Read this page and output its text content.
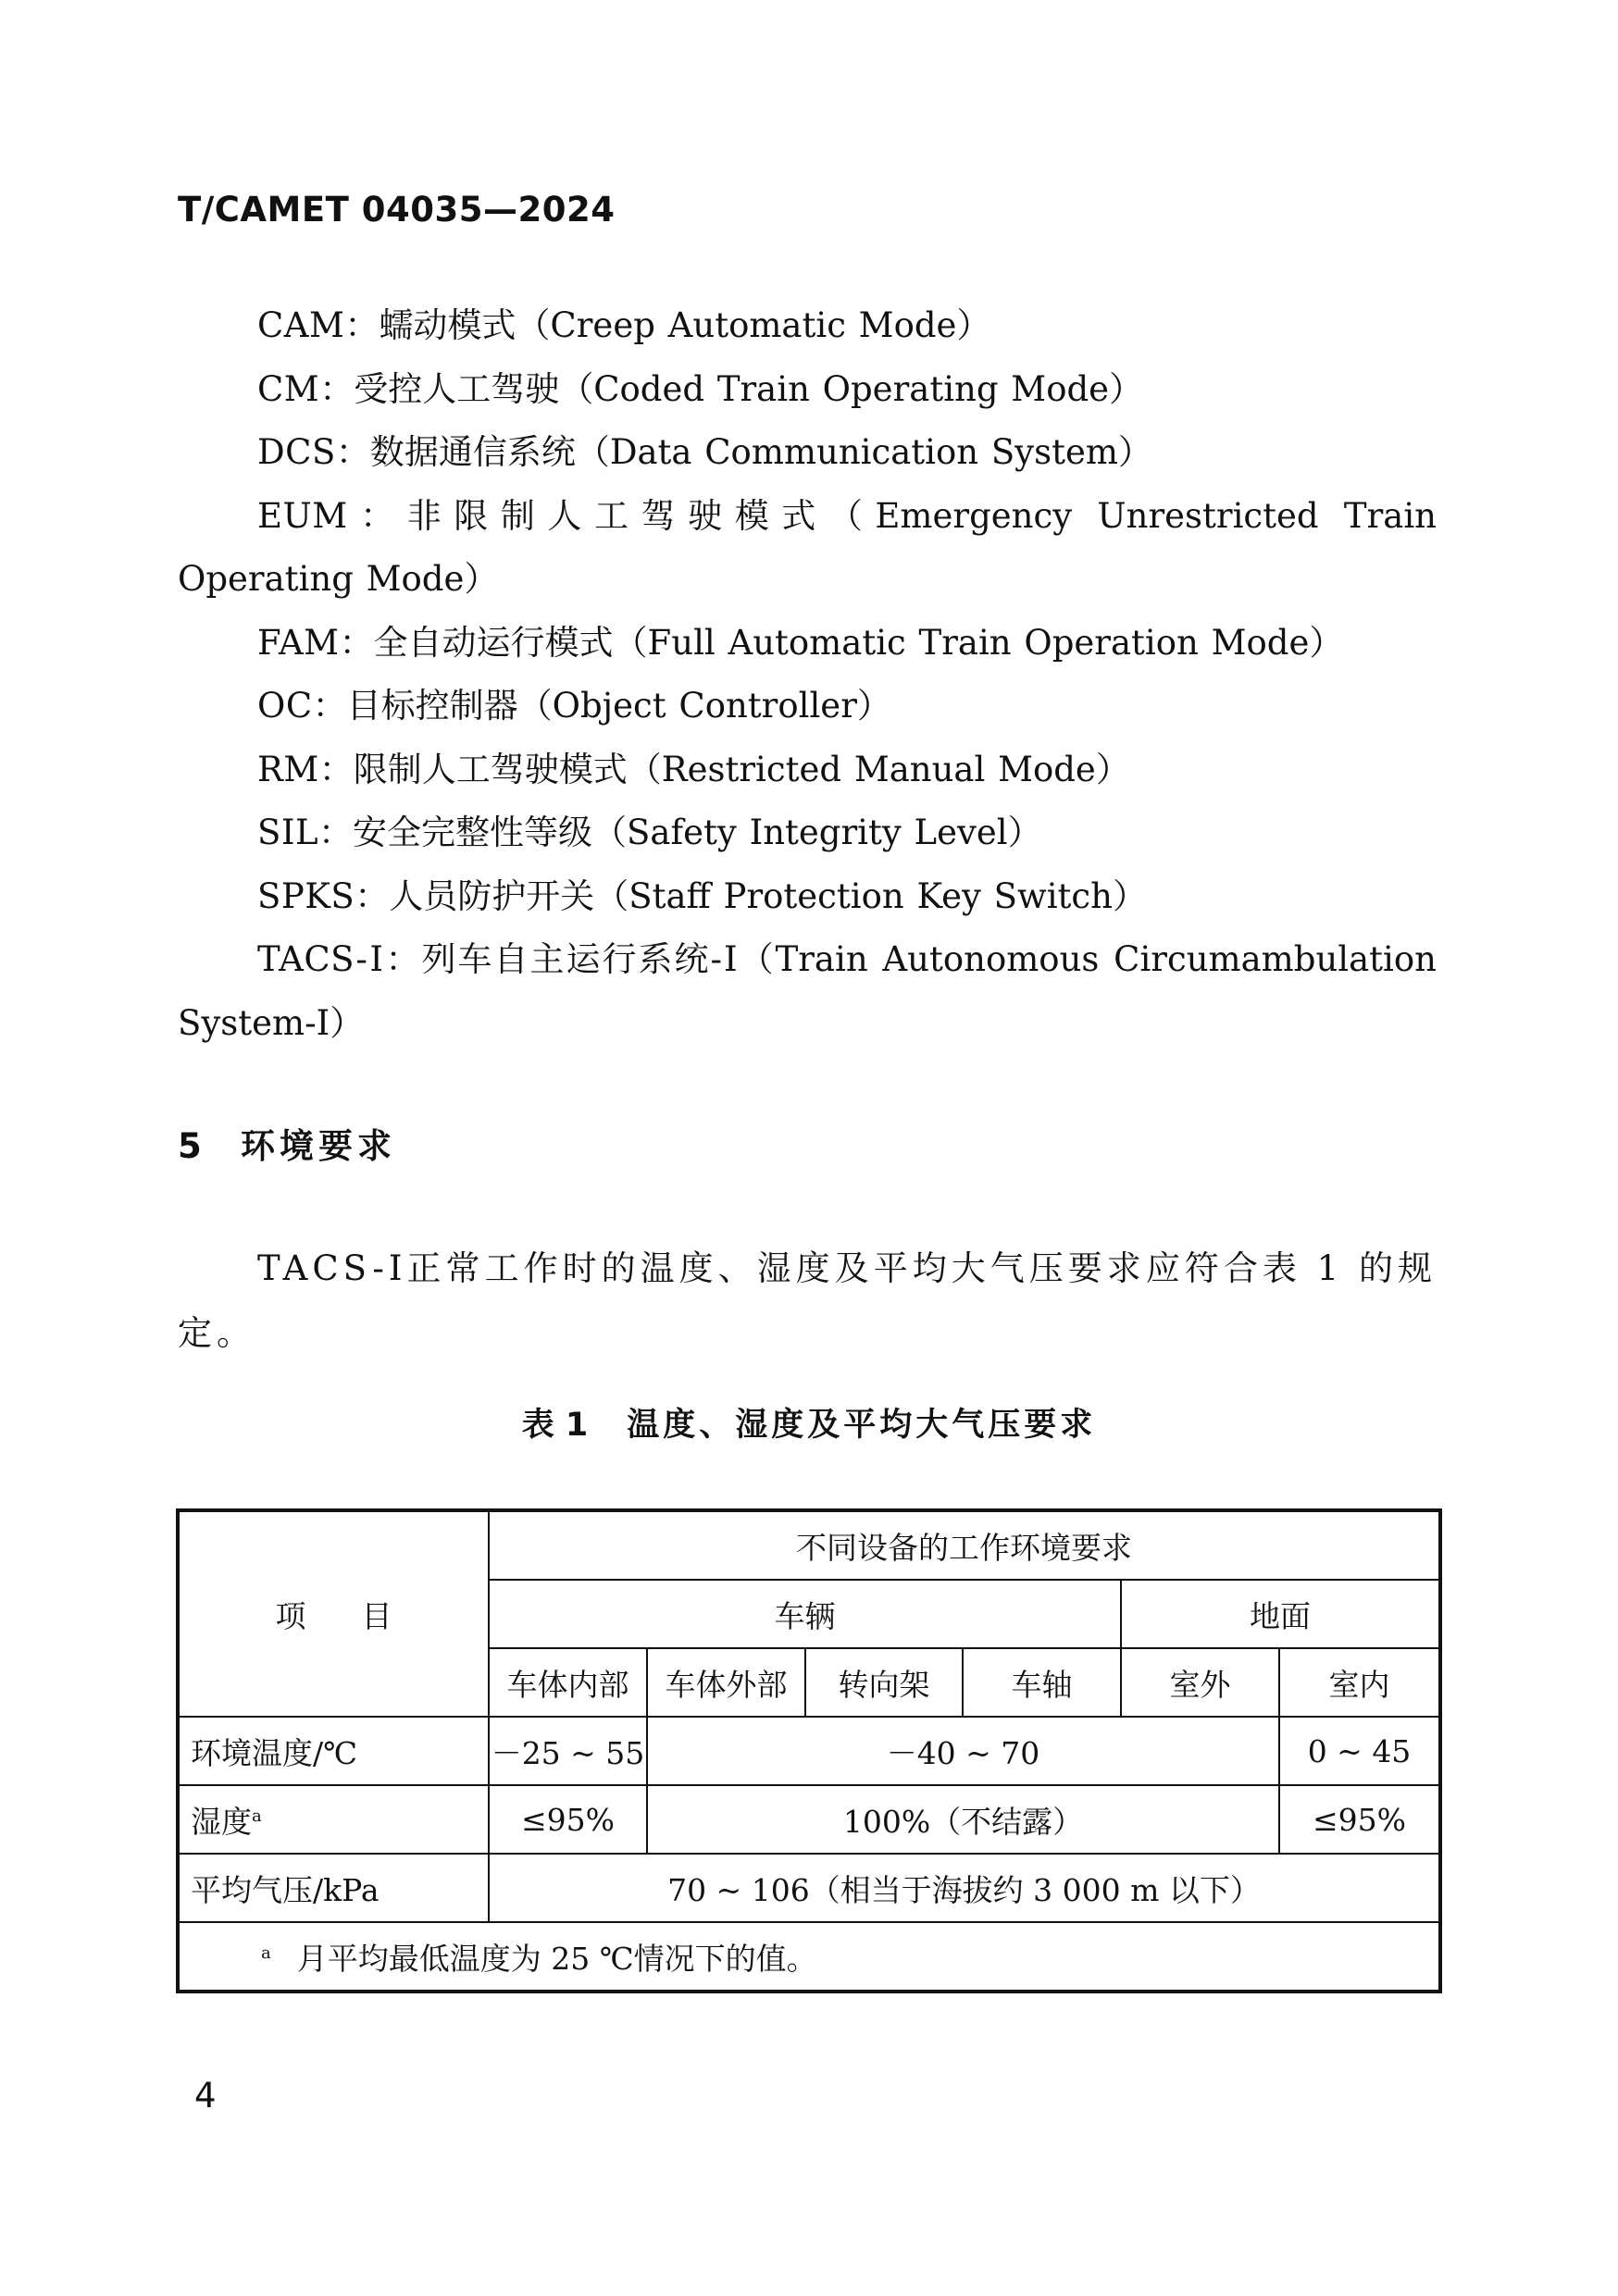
T/CAMET 04035—2024
CAM：蠕动模式（Creep Automatic Mode）
CM：受控人工驾驶（Coded Train Operating Mode）
DCS：数据通信系统（Data Communication System）
EUM：非限制人工驾驶模式（Emergency Unrestricted Train Operating Mode）
FAM：全自动运行模式（Full Automatic Train Operation Mode）
OC：目标控制器（Object Controller）
RM：限制人工驾驶模式（Restricted Manual Mode）
SIL：安全完整性等级（Safety Integrity Level）
SPKS：人员防护开关（Staff Protection Key Switch）
TACS-Ⅰ：列车自主运行系统-Ⅰ（Train Autonomous Circumambulation System-Ⅰ）
5 环境要求
TACS-Ⅰ正常工作时的温度、湿度及平均大气压要求应符合表 1 的规定。
表 1 温度、湿度及平均大气压要求
项目	不同设备的工作环境要求					
	车辆				地面	
	车体内部	车体外部	转向架	车轴	室外	室内
环境温度/℃	－25 ~ 55	－40 ~ 70				0 ~ 45
湿度$^a$	≤95%	100%（不结露）				≤95%
平均气压/kPa	70 ~ 106（相当于海拔约 3 000 m 以下）					
$^a$ 月平均最低温度为 25 ℃情况下的值。						
4
